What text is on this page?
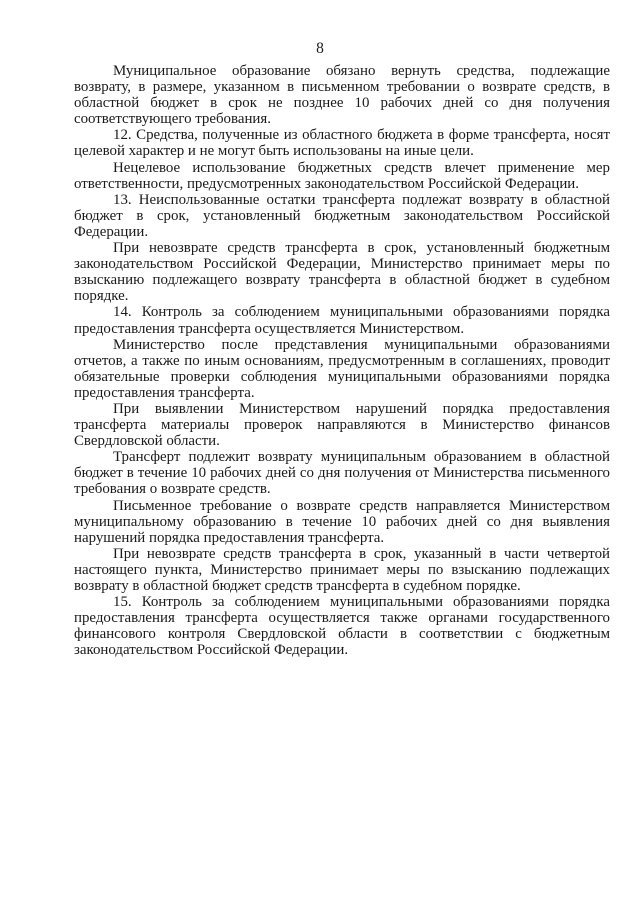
8

Муниципальное образование обязано вернуть средства, подлежащие возврату, в размере, указанном в письменном требовании о возврате средств, в областной бюджет в срок не позднее 10 рабочих дней со дня получения соответствующего требования.

12. Средства, полученные из областного бюджета в форме трансферта, носят целевой характер и не могут быть использованы на иные цели.

Нецелевое использование бюджетных средств влечет применение мер ответственности, предусмотренных законодательством Российской Федерации.

13. Неиспользованные остатки трансферта подлежат возврату в областной бюджет в срок, установленный бюджетным законодательством Российской Федерации.

При невозврате средств трансферта в срок, установленный бюджетным законодательством Российской Федерации, Министерство принимает меры по взысканию подлежащего возврату трансферта в областной бюджет в судебном порядке.

14. Контроль за соблюдением муниципальными образованиями порядка предоставления трансферта осуществляется Министерством.

Министерство после представления муниципальными образованиями отчетов, а также по иным основаниям, предусмотренным в соглашениях, проводит обязательные проверки соблюдения муниципальными образованиями порядка предоставления трансферта.

При выявлении Министерством нарушений порядка предоставления трансферта материалы проверок направляются в Министерство финансов Свердловской области.

Трансферт подлежит возврату муниципальным образованием в областной бюджет в течение 10 рабочих дней со дня получения от Министерства письменного требования о возврате средств.

Письменное требование о возврате средств направляется Министерством муниципальному образованию в течение 10 рабочих дней со дня выявления нарушений порядка предоставления трансферта.

При невозврате средств трансферта в срок, указанный в части четвертой настоящего пункта, Министерство принимает меры по взысканию подлежащих возврату в областной бюджет средств трансферта в судебном порядке.

15. Контроль за соблюдением муниципальными образованиями порядка предоставления трансферта осуществляется также органами государственного финансового контроля Свердловской области в соответствии с бюджетным законодательством Российской Федерации.
